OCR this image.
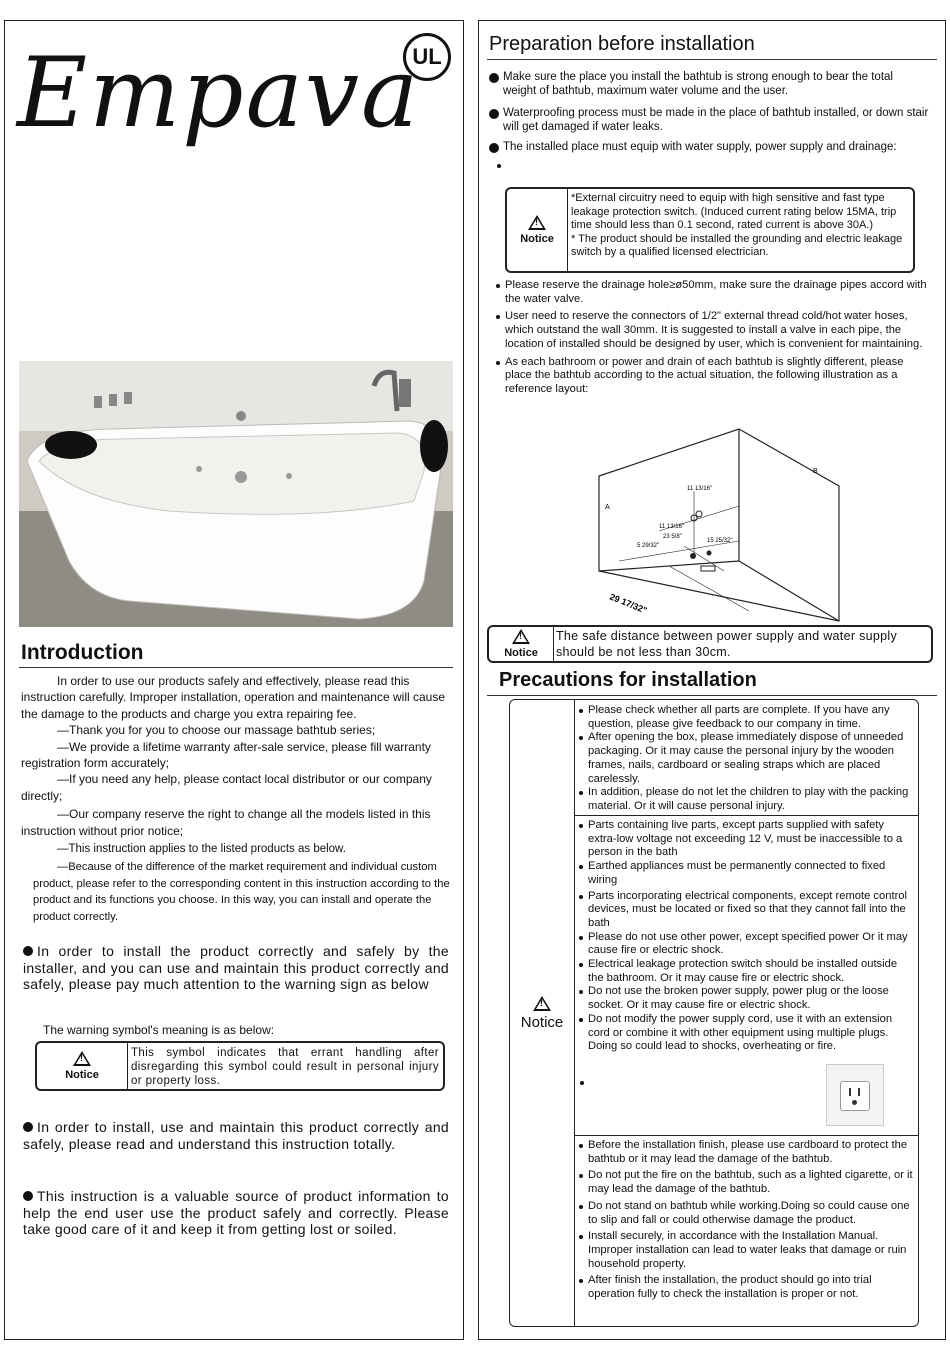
Empava
UL
Introduction

In order to use our products safely and effectively, please read this instruction carefully. Improper installation, operation and maintenance will cause the damage to the products and charge you extra repairing fee.

—Thank you for you to choose our massage bathtub series;

—We provide a lifetime warranty after-sale service, please fill warranty registration form accurately;

—If you need any help, please contact local distributor or our company directly;

—Our company reserve the right to change all the models listed in this instruction without prior notice;

—This instruction applies to the listed products as below.

—Because of the difference of the market requirement and individual custom product, please refer to the corresponding content in this instruction according to the product and its functions you choose. In this way, you can install and operate the product correctly.

In order to install the product correctly and safely by the installer, and you can use and maintain this product correctly and safely, please pay much attention to the warning sign as below
The warning symbol's meaning is as below:
!
Notice
This symbol indicates that errant handling after disregarding this symbol could result in personal injury or property loss.
In order to install, use and maintain this product correctly and safely, please read and understand this instruction totally.
This instruction is a valuable source of product information to help the end user use the product safely and correctly. Please take good care of it and keep it from getting lost or soiled.
Preparation before installation
Make sure the place you install the bathtub is strong enough to bear the total weight of bathtub, maximum water volume and the user.
Waterproofing process must be made in the place of bathtub installed, or down stair will get damaged if water leaks.
The installed place must equip with water supply, power supply and drainage:
!
Notice
*External circuitry need to equip with high sensitive and fast type leakage protection switch. (Induced current rating below 15MA, trip time should less than 0.1 second, rated current is above 30A.)
* The product should be installed the grounding and electric leakage switch by a qualified licensed electrician.
Please reserve the drainage hole≥ø50mm, make sure the drainage pipes accord with the water valve.
User need to reserve the connectors of 1/2" external thread cold/hot water hoses, which outstand the wall 30mm. It is suggested to install a valve in each pipe, the location of installed should be designed by user, which is convenient for maintaining.
As each bathroom or power and drain of each bathtub is slightly different, please place the bathtub according to the actual situation, the following illustration as a reference layout:
A
B
11 13/16"
11 13/16"
23 5/8"
15 25/32"
5 29/32"
29 17/32"
!
Notice
The safe distance between power supply and water supply should be not less than 30cm.
Precautions for installation
!
Notice
Please check whether all parts are complete. If you have any question, please give feedback to our company in time.
After opening the box, please immediately dispose of unneeded packaging. Or it may cause the personal injury by the wooden frames, nails, cardboard or sealing straps which are placed carelessly.
In addition, please do not let the children to play with the packing material. Or it will cause personal injury.
Parts containing live parts, except parts supplied with safety extra-low voltage not exceeding 12 V, must be inaccessible to a person in the bath
Earthed appliances must be permanently connected to fixed wiring
Parts incorporating electrical components, except remote control devices, must be located or fixed so that they cannot fall into the bath
Please do not use other power, except specified power Or it may cause fire or electric shock.
Electrical leakage protection switch should be installed outside the bathroom. Or it may cause fire or electric shock.
Do not use the broken power supply, power plug or the loose socket. Or it may cause fire or electric shock.
Do not modify the power supply cord, use it with an extension cord or combine it with other equipment using multiple plugs.
Doing so could lead to shocks, overheating or fire.
Before the installation finish, please use cardboard to protect the bathtub or it may lead the damage of the bathtub.
Do not put the fire on the bathtub, such as a lighted cigarette, or it may lead the damage of the bathtub.
Do not stand on bathtub while working.Doing so could cause one to slip and fall or could otherwise damage the product.
Install securely, in accordance with the Installation Manual. Improper installation can lead to water leaks that damage or ruin household property.
After finish the installation, the product should go into trial operation fully to check the installation is proper or not.
